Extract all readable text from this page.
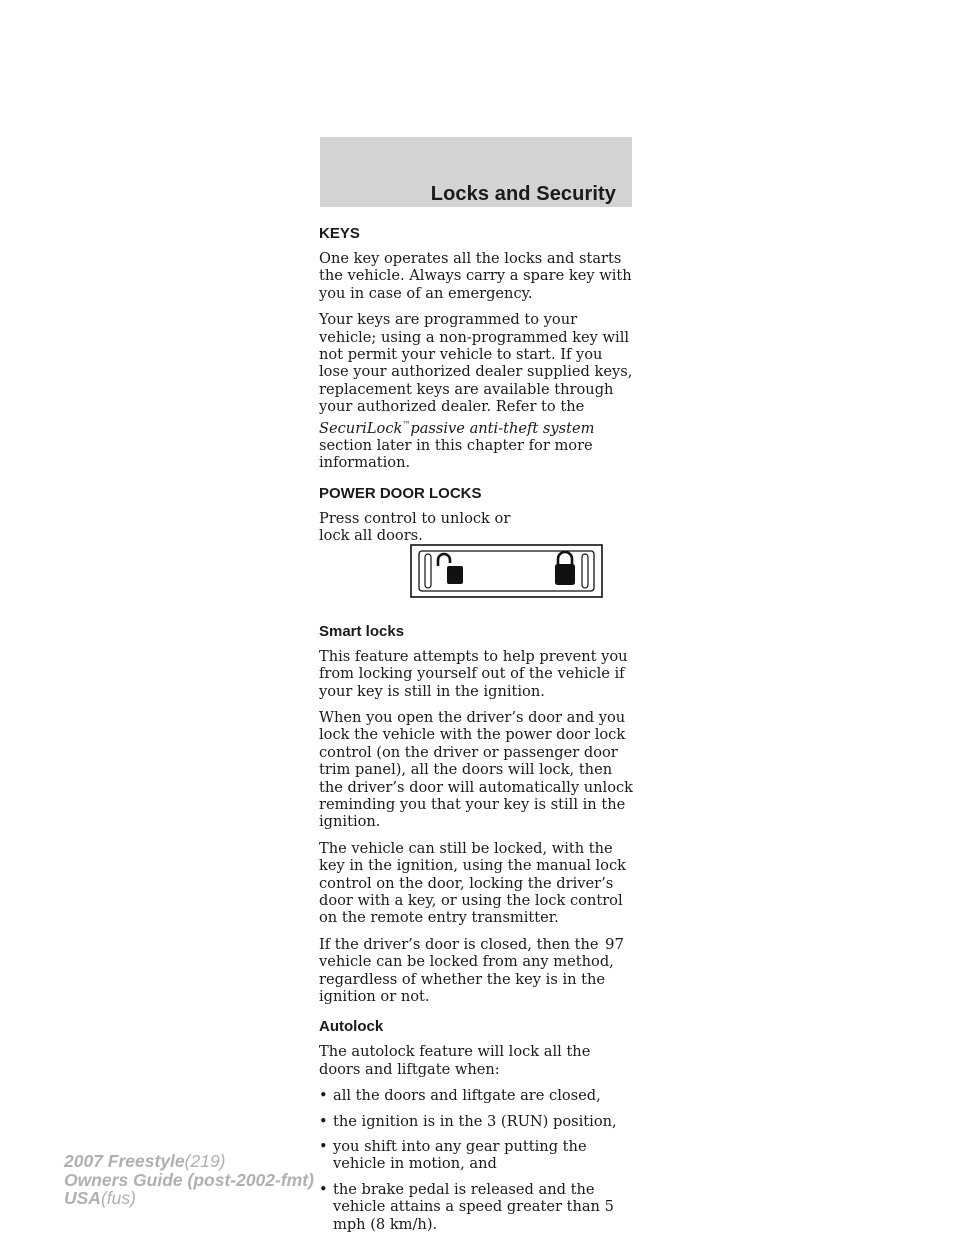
Locks and Security
KEYS

One key operates all the locks and starts the vehicle. Always carry a spare key with you in case of an emergency.

Your keys are programmed to your vehicle; using a non-programmed key will not permit your vehicle to start. If you lose your authorized dealer supplied keys, replacement keys are available through your authorized dealer. Refer to the SecuriLock™passive anti-theft system section later in this chapter for more information.

POWER DOOR LOCKS

Press control to unlock or lock all doors.

Smart locks

This feature attempts to help prevent you from locking yourself out of the vehicle if your key is still in the ignition.

When you open the driver’s door and you lock the vehicle with the power door lock control (on the driver or passenger door trim panel), all the doors will lock, then the driver’s door will automatically unlock reminding you that your key is still in the ignition.

The vehicle can still be locked, with the key in the ignition, using the manual lock control on the door, locking the driver’s door with a key, or using the lock control on the remote entry transmitter.

If the driver’s door is closed, then the vehicle can be locked from any method, regardless of whether the key is in the ignition or not.

Autolock

The autolock feature will lock all the doors and liftgate when:

• all the doors and liftgate are closed,
• the ignition is in the 3 (RUN) position,
• you shift into any gear putting the vehicle in motion, and
• the brake pedal is released and the vehicle attains a speed greater than 5 mph (8 km/h).
97
2007 Freestyle(219)
Owners Guide (post-2002-fmt)
USA(fus)
